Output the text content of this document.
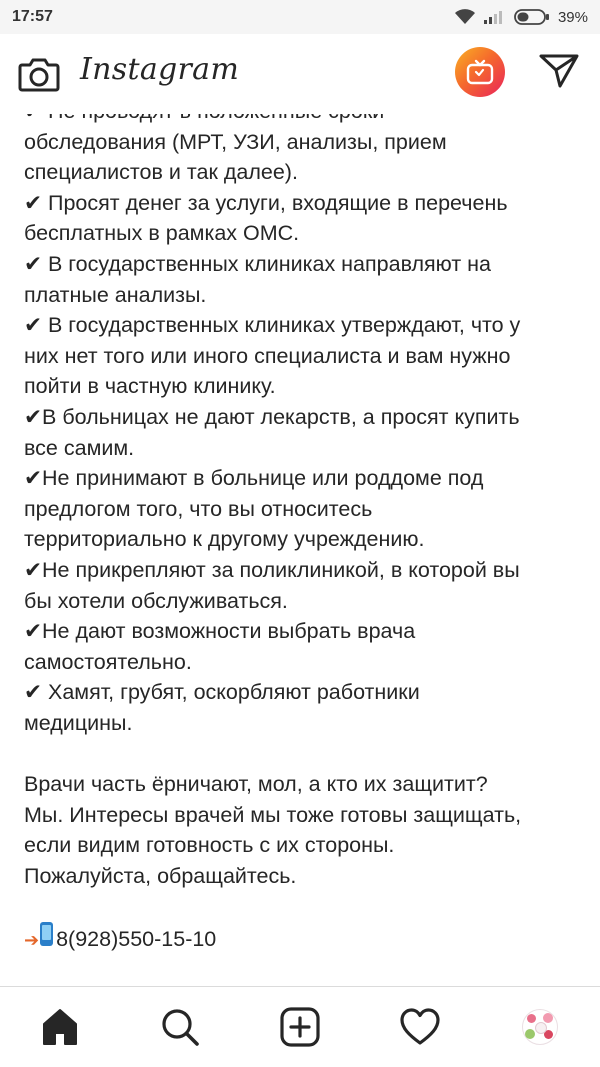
17:57	39%
Instagram
обследования (МРТ, УЗИ, анализы, прием
специалистов и так далее).
✔ Просят денег за услуги, входящие в перечень
бесплатных в рамках ОМС.
✔ В государственных клиниках направляют на
платные анализы.
✔ В государственных клиниках утверждают, что у
них нет того или иного специалиста и вам нужно
пойти в частную клинику.
✔В больницах не дают лекарств, а просят купить
все самим.
✔Не принимают в больнице или роддоме под
предлогом того, что вы относитесь
территориально к другому учреждению.
✔Не прикрепляют за поликлиникой, в которой вы
бы хотели обслуживаться.
✔Не дают возможности выбрать врача
самостоятельно.
✔ Хамят, грубят, оскорбляют работники
медицины.
Врачи часть ёрничают, мол, а кто их защитит?
Мы. Интересы врачей мы тоже готовы защищать,
если видим готовность с их стороны.
Пожалуйста, обращайтесь.
➔ 8(928)550-15-10
